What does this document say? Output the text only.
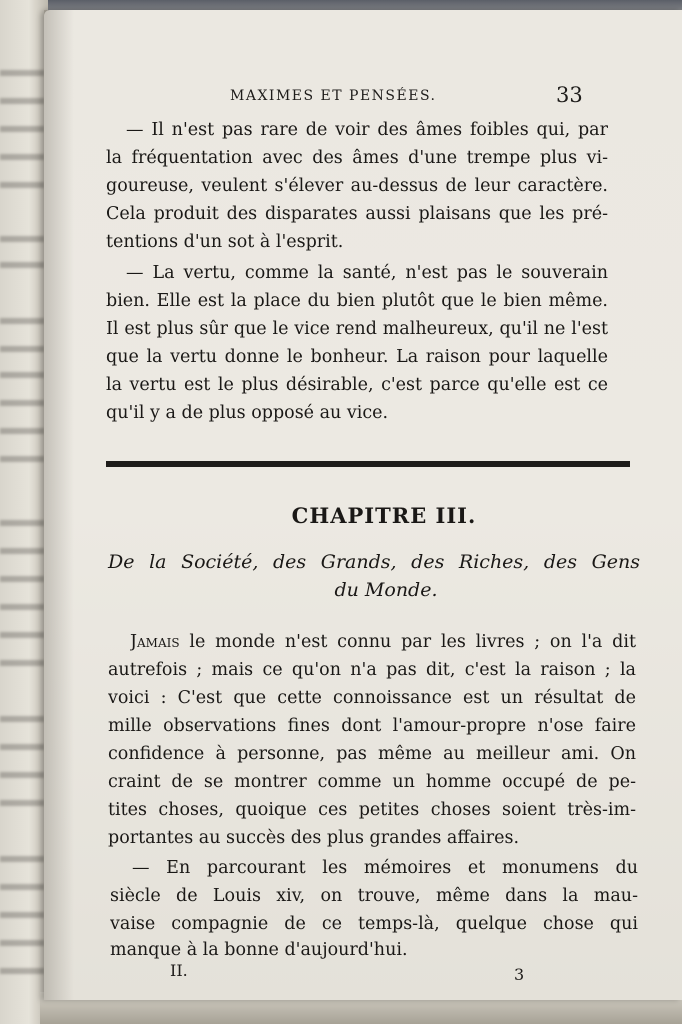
MAXIMES ET PENSÉES.	33
— Il n'est pas rare de voir des âmes foibles qui, par
la fréquentation avec des âmes d'une trempe plus vi-
goureuse, veulent s'élever au-dessus de leur caractère.
Cela produit des disparates aussi plaisans que les pré-
tentions d'un sot à l'esprit.
— La vertu, comme la santé, n'est pas le souverain
bien. Elle est la place du bien plutôt que le bien même.
Il est plus sûr que le vice rend malheureux, qu'il ne l'est
que la vertu donne le bonheur. La raison pour laquelle
la vertu est le plus désirable, c'est parce qu'elle est ce
qu'il y a de plus opposé au vice.
CHAPITRE III.
De la Société, des Grands, des Riches, des Gens
du Monde.
Jamais le monde n'est connu par les livres ; on l'a dit
autrefois ; mais ce qu'on n'a pas dit, c'est la raison ; la
voici : C'est que cette connoissance est un résultat de
mille observations fines dont l'amour-propre n'ose faire
confidence à personne, pas même au meilleur ami. On
craint de se montrer comme un homme occupé de pe-
tites choses, quoique ces petites choses soient très-im-
portantes au succès des plus grandes affaires.
— En parcourant les mémoires et monumens du
siècle de Louis xiv, on trouve, même dans la mau-
vaise compagnie de ce temps-là, quelque chose qui
manque à la bonne d'aujourd'hui.
II.	3
